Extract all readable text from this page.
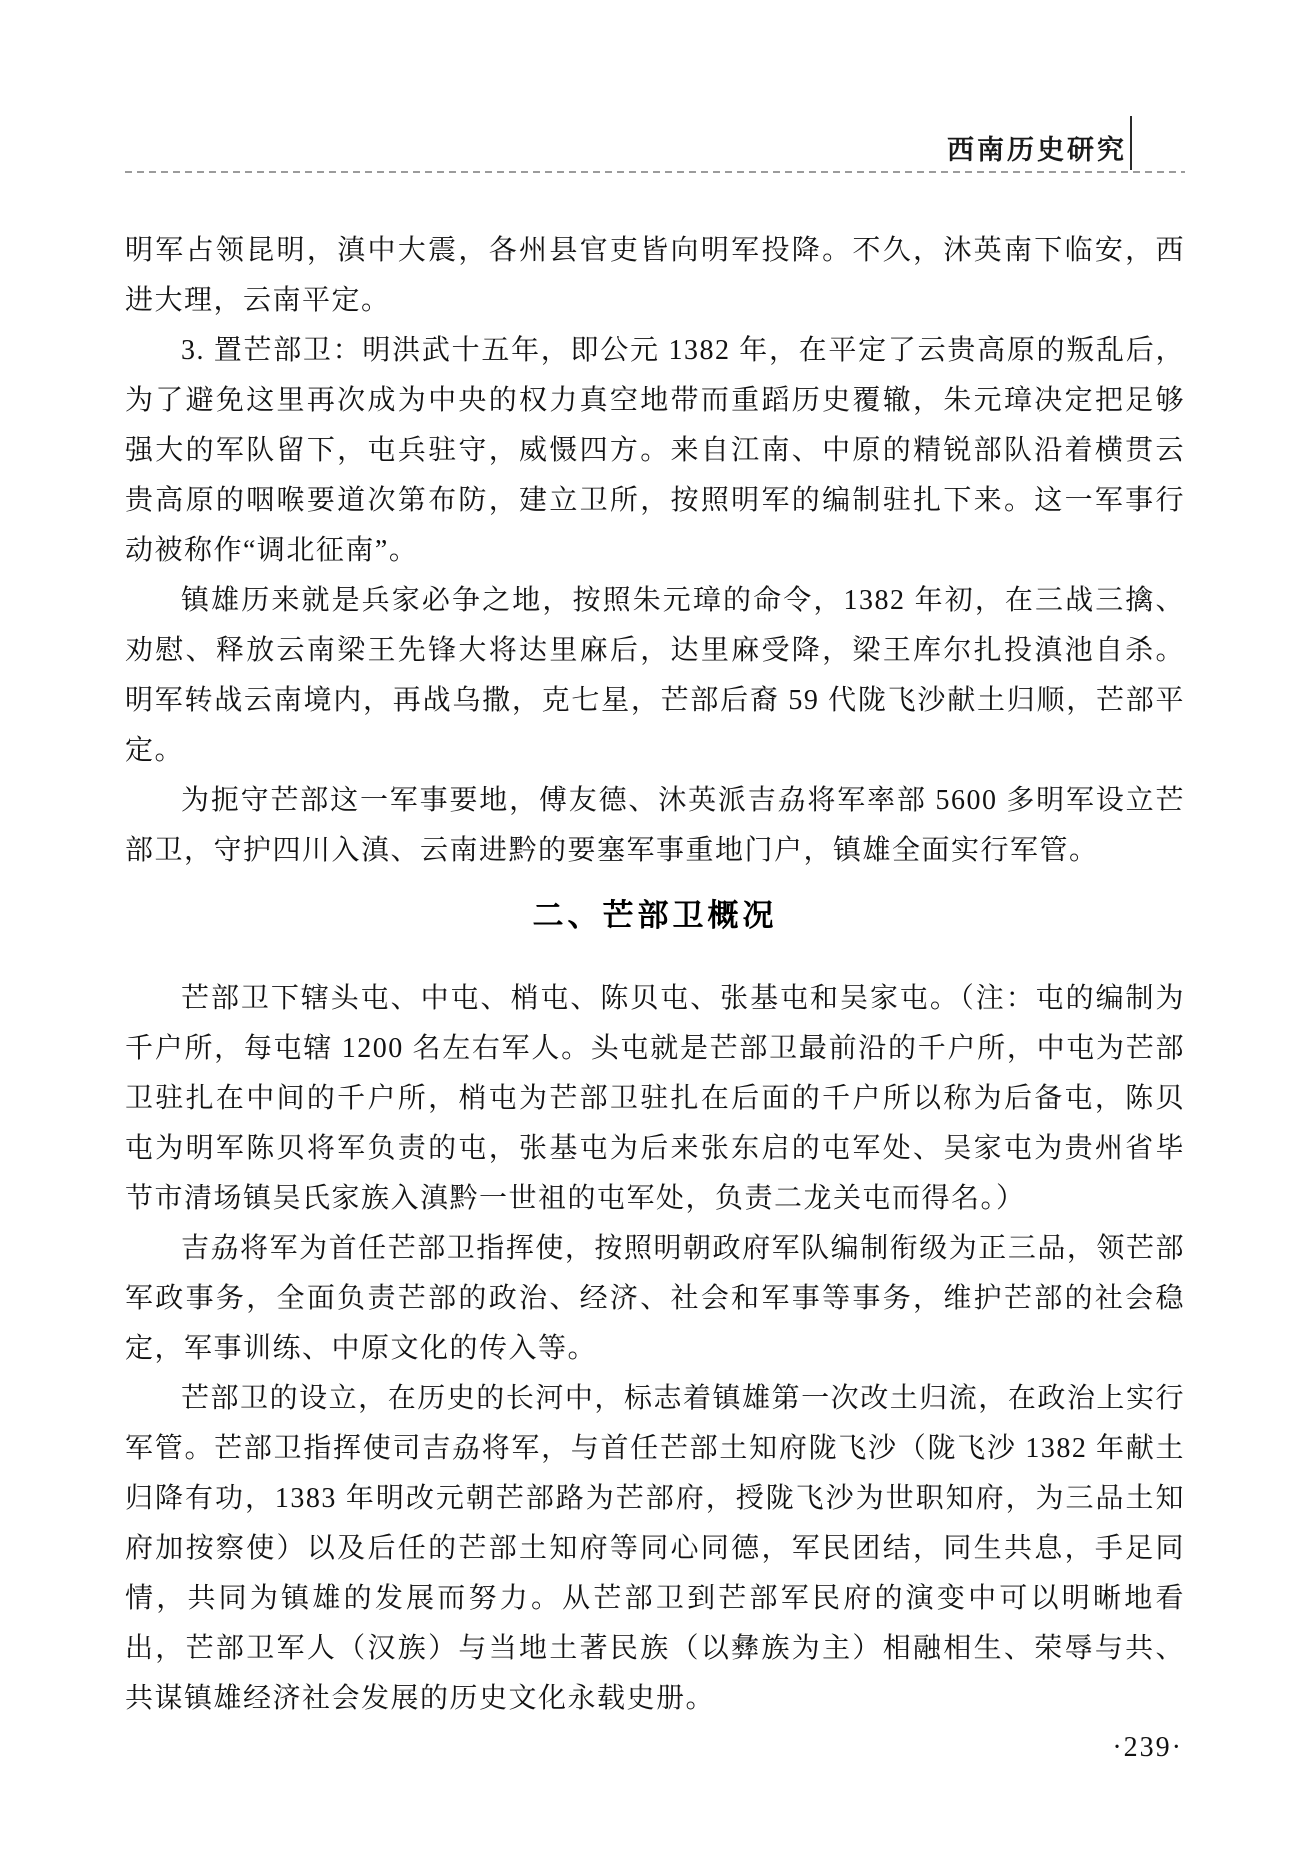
西南历史研究

明军占领昆明，滇中大震，各州县官吏皆向明军投降。不久，沐英南下临安，西进大理，云南平定。

3. 置芒部卫：明洪武十五年，即公元 1382 年，在平定了云贵高原的叛乱后，为了避免这里再次成为中央的权力真空地带而重蹈历史覆辙，朱元璋决定把足够强大的军队留下，屯兵驻守，威慑四方。来自江南、中原的精锐部队沿着横贯云贵高原的咽喉要道次第布防，建立卫所，按照明军的编制驻扎下来。这一军事行动被称作“调北征南”。

镇雄历来就是兵家必争之地，按照朱元璋的命令，1382 年初，在三战三擒、劝慰、释放云南梁王先锋大将达里麻后，达里麻受降，梁王库尔扎投滇池自杀。明军转战云南境内，再战乌撒，克七星，芒部后裔 59 代陇飞沙献土归顺，芒部平定。

为扼守芒部这一军事要地，傅友德、沐英派吉劦将军率部 5600 多明军设立芒部卫，守护四川入滇、云南进黔的要塞军事重地门户，镇雄全面实行军管。

二、芒部卫概况

芒部卫下辖头屯、中屯、梢屯、陈贝屯、张基屯和吴家屯。（注：屯的编制为千户所，每屯辖 1200 名左右军人。头屯就是芒部卫最前沿的千户所，中屯为芒部卫驻扎在中间的千户所，梢屯为芒部卫驻扎在后面的千户所以称为后备屯，陈贝屯为明军陈贝将军负责的屯，张基屯为后来张东启的屯军处、吴家屯为贵州省毕节市清场镇吴氏家族入滇黔一世祖的屯军处，负责二龙关屯而得名。）

吉劦将军为首任芒部卫指挥使，按照明朝政府军队编制衔级为正三品，领芒部军政事务，全面负责芒部的政治、经济、社会和军事等事务，维护芒部的社会稳定，军事训练、中原文化的传入等。

芒部卫的设立，在历史的长河中，标志着镇雄第一次改土归流，在政治上实行军管。芒部卫指挥使司吉劦将军，与首任芒部土知府陇飞沙（陇飞沙 1382 年献土归降有功，1383 年明改元朝芒部路为芒部府，授陇飞沙为世职知府，为三品土知府加按察使）以及后任的芒部土知府等同心同德，军民团结，同生共息，手足同情，共同为镇雄的发展而努力。从芒部卫到芒部军民府的演变中可以明晰地看出，芒部卫军人（汉族）与当地土著民族（以彝族为主）相融相生、荣辱与共、共谋镇雄经济社会发展的历史文化永载史册。

·239·
